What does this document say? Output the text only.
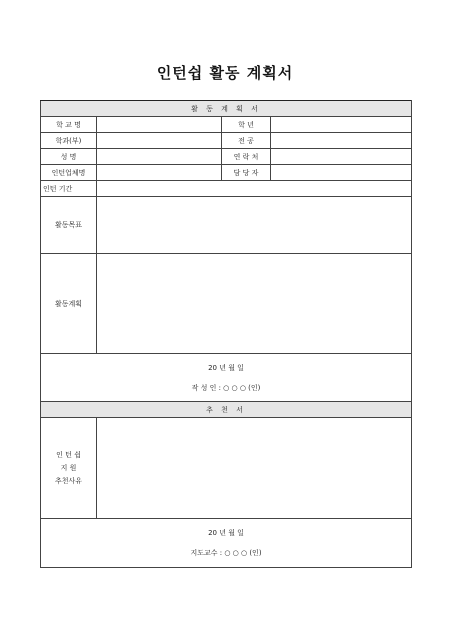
인턴쉽 활동 계획서
활 동 계 획 서			
학 교 명		학 년	
학과(부)		전 공	
성 명		연 락 처	
인턴업체명		담 당 자	
인턴 기간			
활동목표			
활동계획			

20 년 월 일
작 성 인 : ○ ○ ○ (인)			

추 천 서			

인 턴 쉽
지 원
추천사유			

20 년 월 일
지도교수 : ○ ○ ○ (인)			
